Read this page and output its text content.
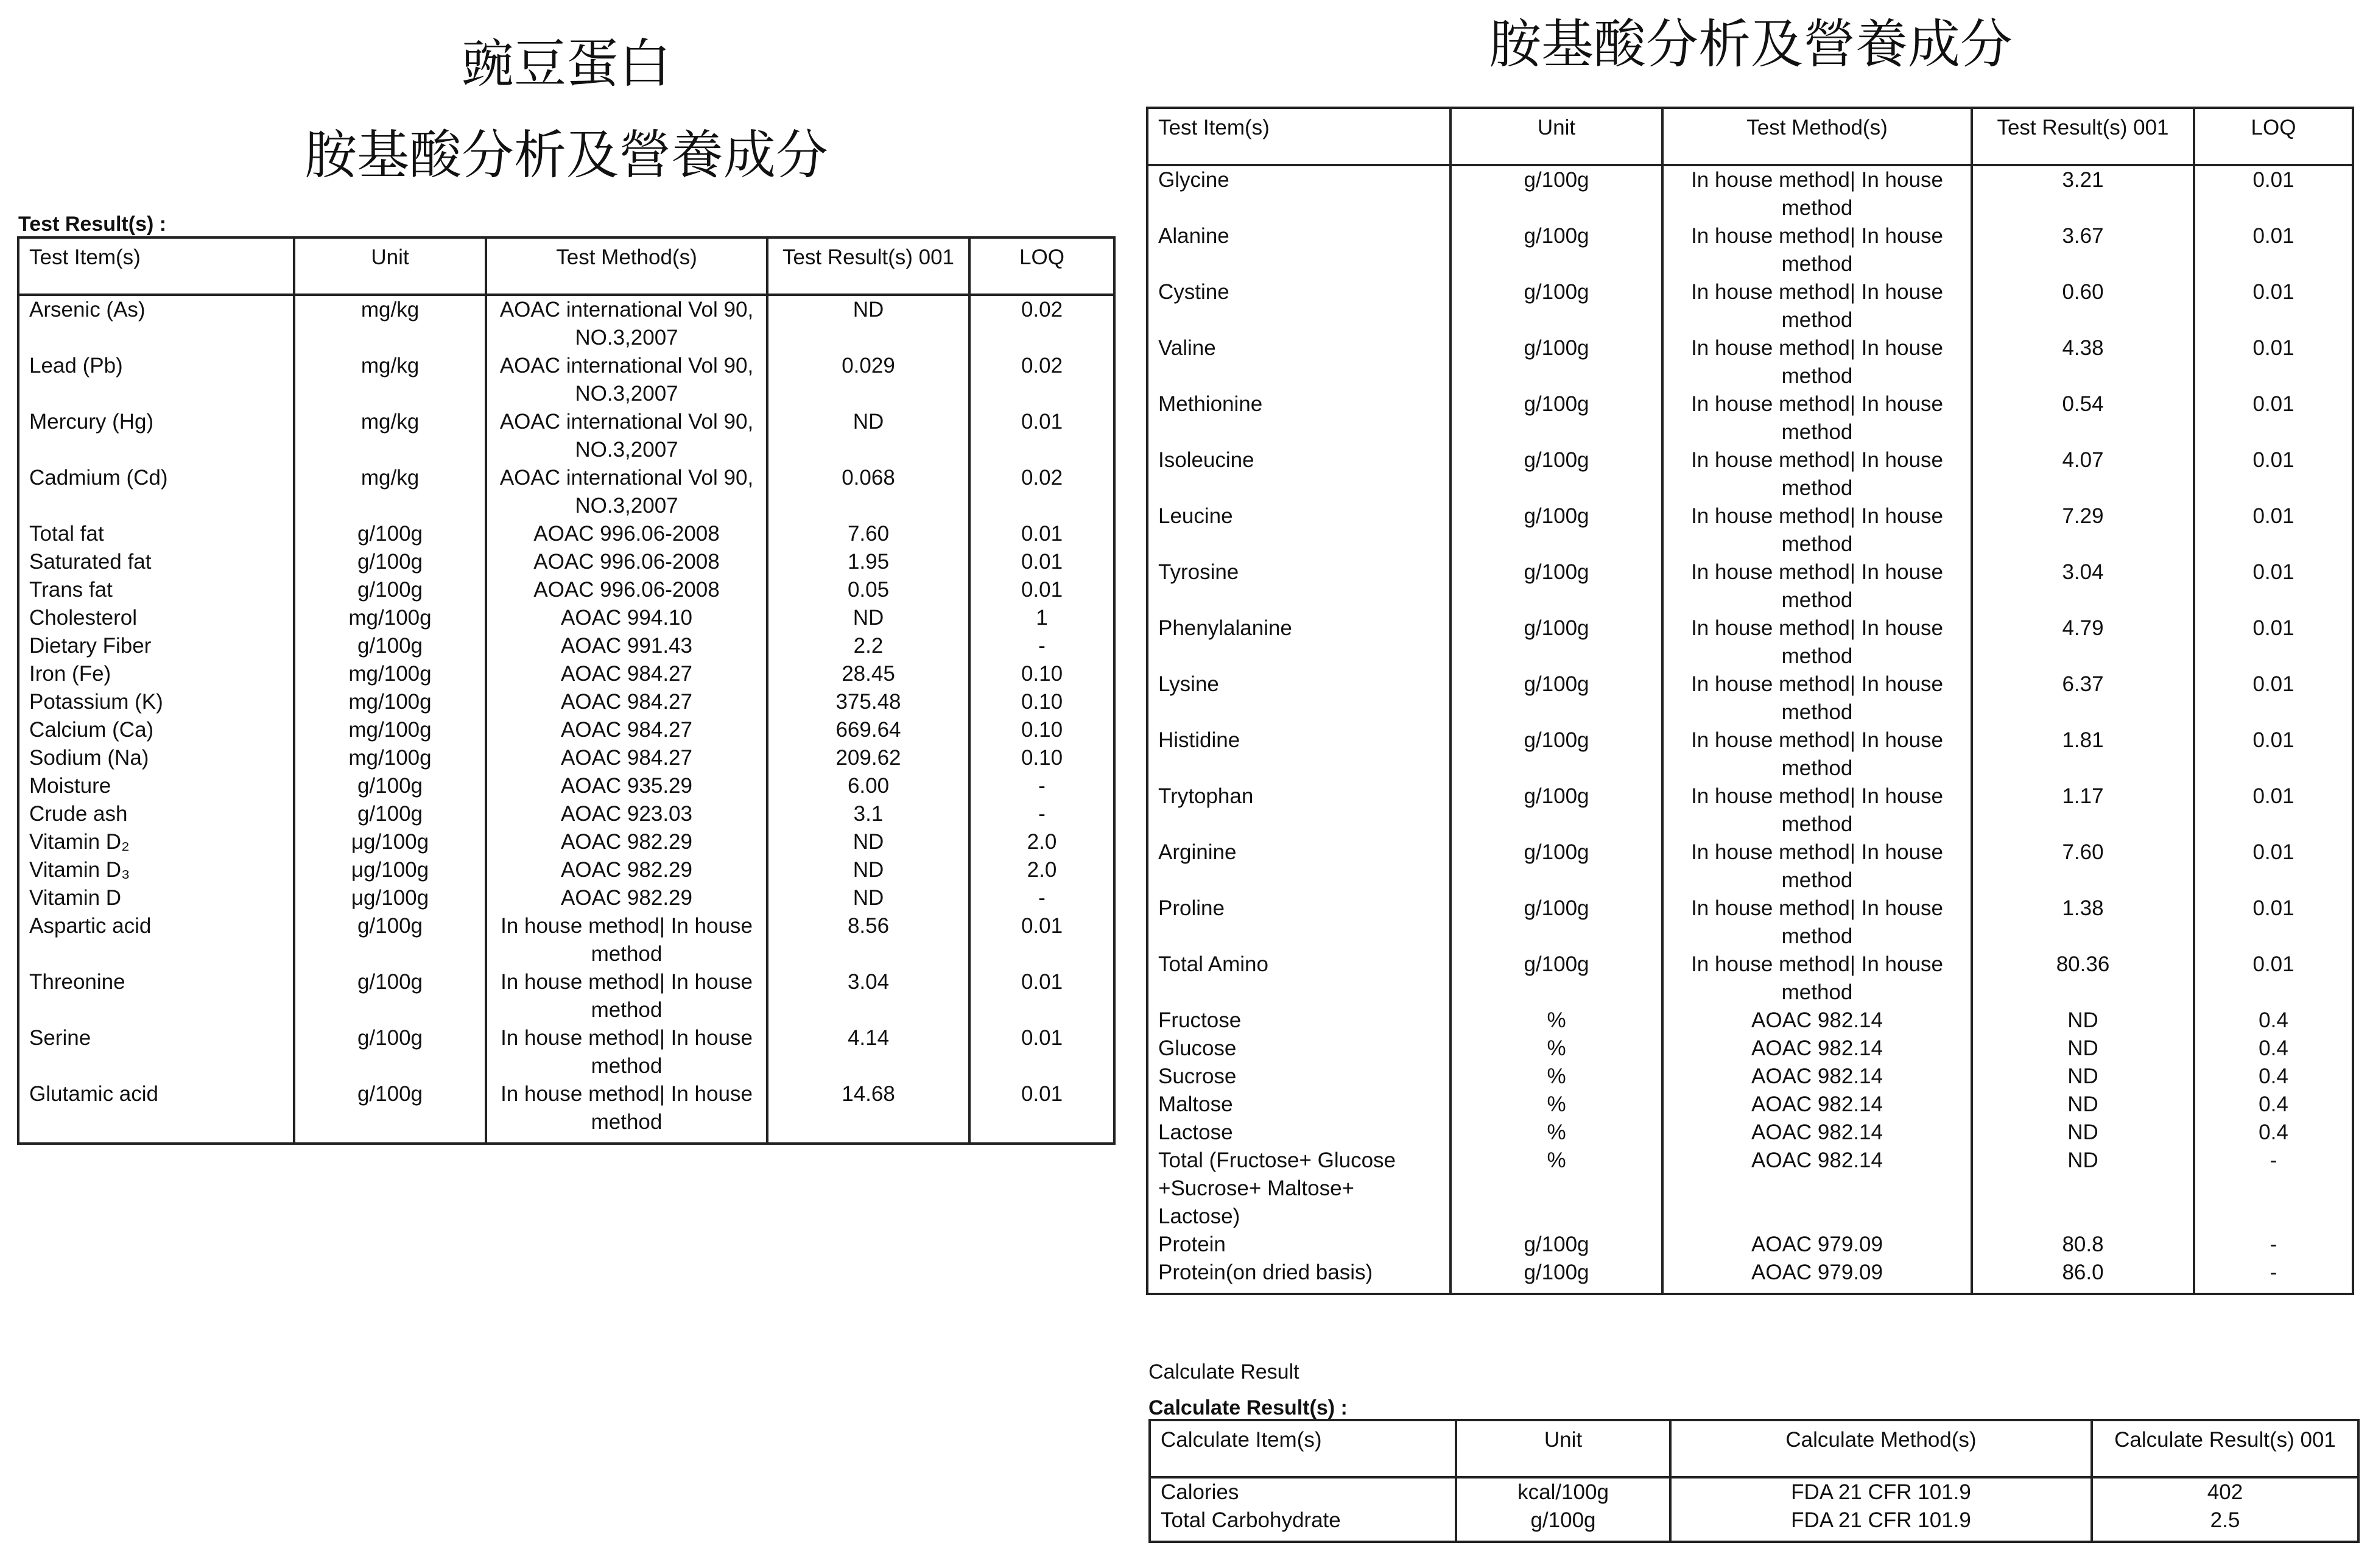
豌豆蛋白
胺基酸分析及營養成分
胺基酸分析及營養成分
Test Result(s) :
Test Item(s)	Unit	Test Method(s)	Test Result(s) 001	LOQ
Arsenic (As)	mg/kg	AOAC international Vol 90, NO.3,2007	ND	0.02
Lead (Pb)	mg/kg	AOAC international Vol 90, NO.3,2007	0.029	0.02
Mercury (Hg)	mg/kg	AOAC international Vol 90, NO.3,2007	ND	0.01
Cadmium (Cd)	mg/kg	AOAC international Vol 90, NO.3,2007	0.068	0.02
Total fat	g/100g	AOAC 996.06-2008	7.60	0.01
Saturated fat	g/100g	AOAC 996.06-2008	1.95	0.01
Trans fat	g/100g	AOAC 996.06-2008	0.05	0.01
Cholesterol	mg/100g	AOAC 994.10	ND	1
Dietary Fiber	g/100g	AOAC 991.43	2.2	-
Iron (Fe)	mg/100g	AOAC 984.27	28.45	0.10
Potassium (K)	mg/100g	AOAC 984.27	375.48	0.10
Calcium (Ca)	mg/100g	AOAC 984.27	669.64	0.10
Sodium (Na)	mg/100g	AOAC 984.27	209.62	0.10
Moisture	g/100g	AOAC 935.29	6.00	-
Crude ash	g/100g	AOAC 923.03	3.1	-
Vitamin D₂	μg/100g	AOAC 982.29	ND	2.0
Vitamin D₃	μg/100g	AOAC 982.29	ND	2.0
Vitamin D	μg/100g	AOAC 982.29	ND	-
Aspartic acid	g/100g	In house method| In house method	8.56	0.01
Threonine	g/100g	In house method| In house method	3.04	0.01
Serine	g/100g	In house method| In house method	4.14	0.01
Glutamic acid	g/100g	In house method| In house method	14.68	0.01
Test Item(s)	Unit	Test Method(s)	Test Result(s) 001	LOQ
Glycine	g/100g	In house method| In house method	3.21	0.01
Alanine	g/100g	In house method| In house method	3.67	0.01
Cystine	g/100g	In house method| In house method	0.60	0.01
Valine	g/100g	In house method| In house method	4.38	0.01
Methionine	g/100g	In house method| In house method	0.54	0.01
Isoleucine	g/100g	In house method| In house method	4.07	0.01
Leucine	g/100g	In house method| In house method	7.29	0.01
Tyrosine	g/100g	In house method| In house method	3.04	0.01
Phenylalanine	g/100g	In house method| In house method	4.79	0.01
Lysine	g/100g	In house method| In house method	6.37	0.01
Histidine	g/100g	In house method| In house method	1.81	0.01
Trytophan	g/100g	In house method| In house method	1.17	0.01
Arginine	g/100g	In house method| In house method	7.60	0.01
Proline	g/100g	In house method| In house method	1.38	0.01
Total Amino	g/100g	In house method| In house method	80.36	0.01
Fructose	%	AOAC 982.14	ND	0.4
Glucose	%	AOAC 982.14	ND	0.4
Sucrose	%	AOAC 982.14	ND	0.4
Maltose	%	AOAC 982.14	ND	0.4
Lactose	%	AOAC 982.14	ND	0.4
Total (Fructose+ Glucose +Sucrose+ Maltose+ Lactose)	%	AOAC 982.14	ND	-
Protein	g/100g	AOAC 979.09	80.8	-
Protein(on dried basis)	g/100g	AOAC 979.09	86.0	-
Calculate Result
Calculate Result(s) :
Calculate Item(s)	Unit	Calculate Method(s)	Calculate Result(s) 001
Calories	kcal/100g	FDA 21 CFR 101.9	402
Total Carbohydrate	g/100g	FDA 21 CFR 101.9	2.5
